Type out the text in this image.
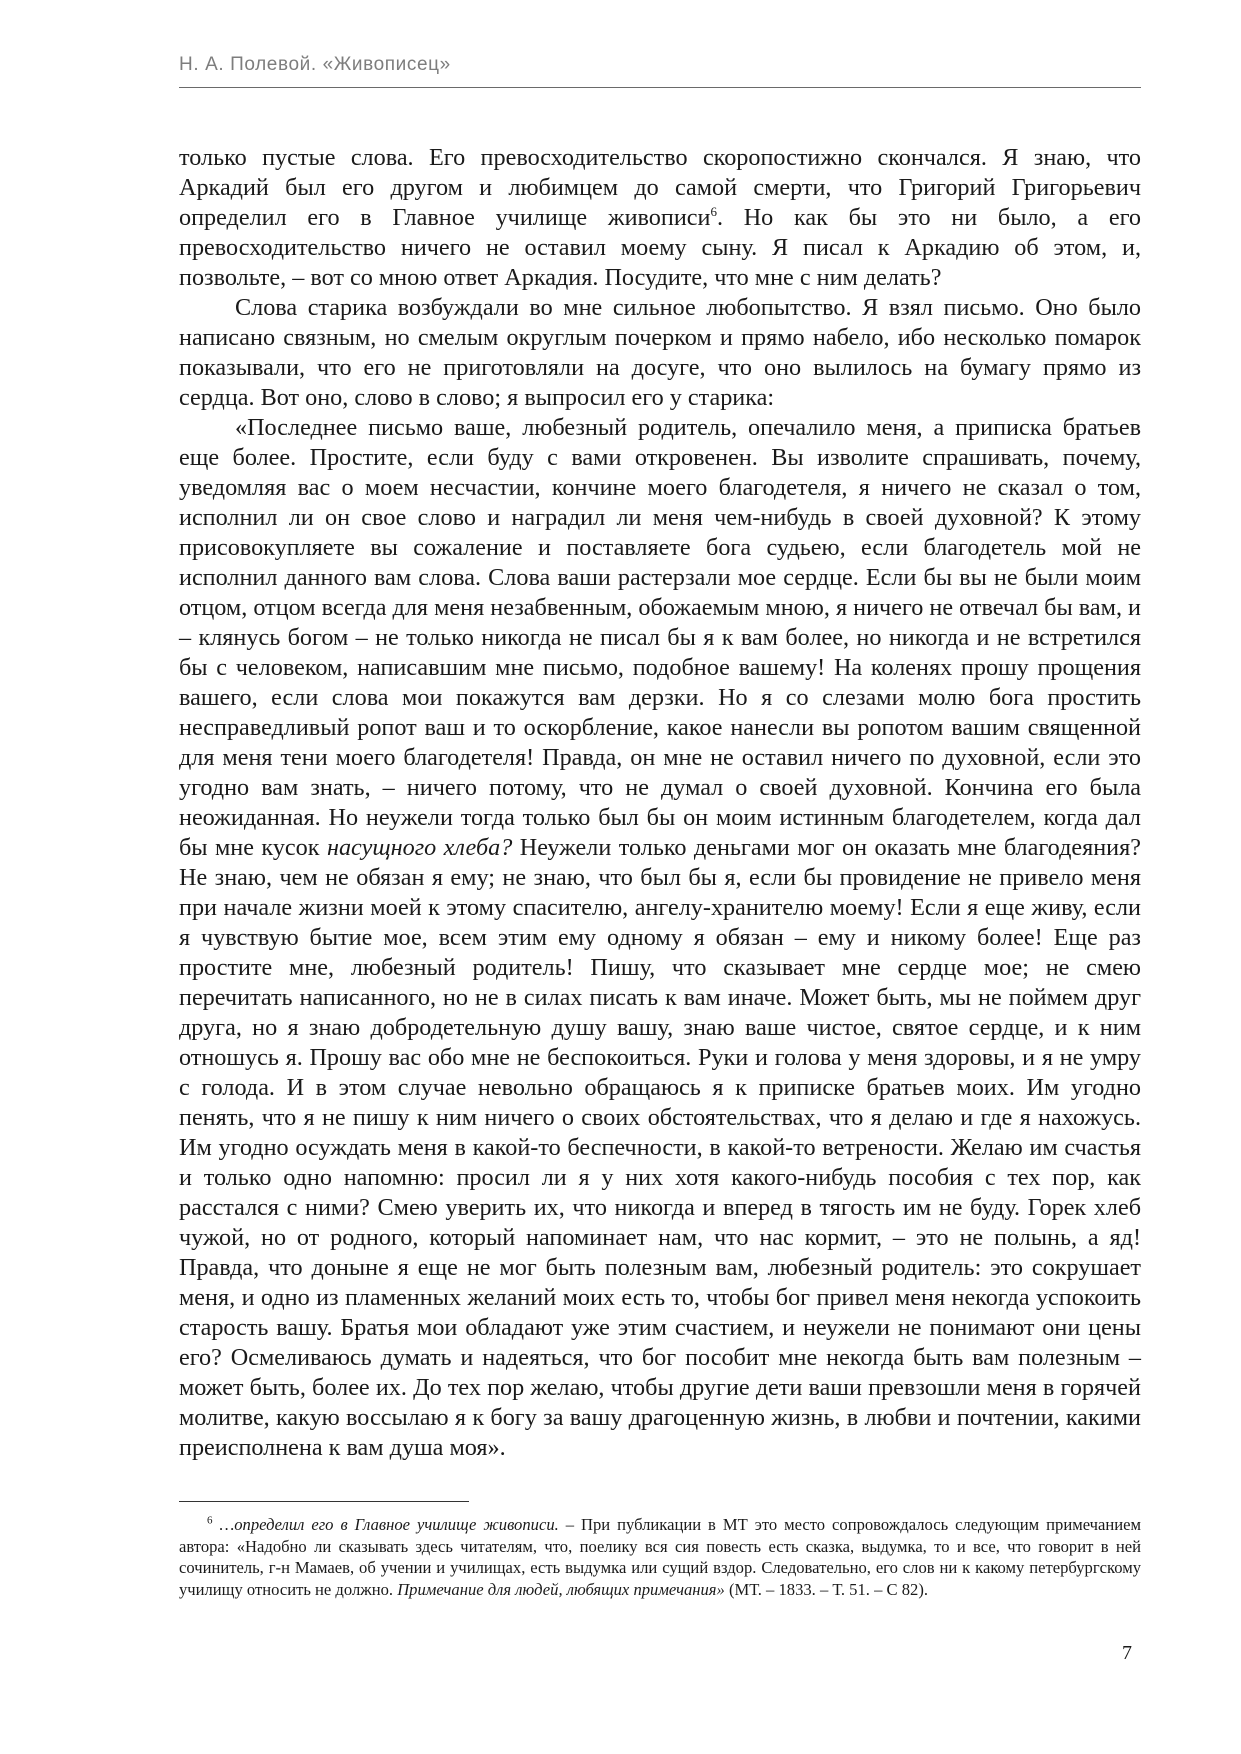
Н. А. Полевой. «Живописец»

только пустые слова. Его превосходительство скоропостижно скончался. Я знаю, что Аркадий был его другом и любимцем до самой смерти, что Григорий Григорьевич определил его в Главное училище живописи$^6$. Но как бы это ни было, а его превосходительство ничего не оставил моему сыну. Я писал к Аркадию об этом, и, позвольте, – вот со мною ответ Аркадия. Посудите, что мне с ним делать?

Слова старика возбуждали во мне сильное любопытство. Я взял письмо. Оно было написано связным, но смелым округлым почерком и прямо набело, ибо несколько помарок показывали, что его не приготовляли на досуге, что оно вылилось на бумагу прямо из сердца. Вот оно, слово в слово; я выпросил его у старика:

«Последнее письмо ваше, любезный родитель, опечалило меня, а приписка братьев еще более. Простите, если буду с вами откровенен. Вы изволите спрашивать, почему, уведомляя вас о моем несчастии, кончине моего благодетеля, я ничего не сказал о том, исполнил ли он свое слово и наградил ли меня чем-нибудь в своей духовной? К этому присовокупляете вы сожаление и поставляете бога судьею, если благодетель мой не исполнил данного вам слова. Слова ваши растерзали мое сердце. Если бы вы не были моим отцом, отцом всегда для меня незабвенным, обожаемым мною, я ничего не отвечал бы вам, и – клянусь богом – не только никогда не писал бы я к вам более, но никогда и не встретился бы с человеком, написавшим мне письмо, подобное вашему! На коленях прошу прощения вашего, если слова мои покажутся вам дерзки. Но я со слезами молю бога простить несправедливый ропот ваш и то оскорбление, какое нанесли вы ропотом вашим священной для меня тени моего благодетеля! Правда, он мне не оставил ничего по духовной, если это угодно вам знать, – ничего потому, что не думал о своей духовной. Кончина его была неожиданная. Но неужели тогда только был бы он моим истинным благодетелем, когда дал бы мне кусок насущного хлеба? Неужели только деньгами мог он оказать мне благодеяния? Не знаю, чем не обязан я ему; не знаю, что был бы я, если бы провидение не привело меня при начале жизни моей к этому спасителю, ангелу-хранителю моему! Если я еще живу, если я чувствую бытие мое, всем этим ему одному я обязан – ему и никому более! Еще раз простите мне, любезный родитель! Пишу, что сказывает мне сердце мое; не смею перечитать написанного, но не в силах писать к вам иначе. Может быть, мы не поймем друг друга, но я знаю добродетельную душу вашу, знаю ваше чистое, святое сердце, и к ним отношусь я. Прошу вас обо мне не беспокоиться. Руки и голова у меня здоровы, и я не умру с голода. И в этом случае невольно обращаюсь я к приписке братьев моих. Им угодно пенять, что я не пишу к ним ничего о своих обстоятельствах, что я делаю и где я нахожусь. Им угодно осуждать меня в какой-то беспечности, в какой-то ветрености. Желаю им счастья и только одно напомню: просил ли я у них хотя какого-нибудь пособия с тех пор, как расстался с ними? Смею уверить их, что никогда и вперед в тягость им не буду. Горек хлеб чужой, но от родного, который напоминает нам, что нас кормит, – это не полынь, а яд! Правда, что доныне я еще не мог быть полезным вам, любезный родитель: это сокрушает меня, и одно из пламенных желаний моих есть то, чтобы бог привел меня некогда успокоить старость вашу. Братья мои обладают уже этим счастием, и неужели не понимают они цены его? Осмеливаюсь думать и надеяться, что бог пособит мне некогда быть вам полезным – может быть, более их. До тех пор желаю, чтобы другие дети ваши превзошли меня в горячей молитве, какую воссылаю я к богу за вашу драгоценную жизнь, в любви и почтении, какими преисполнена к вам душа моя».

$^6$ …определил его в Главное училище живописи. – При публикации в МТ это место сопровождалось следующим примечанием автора: «Надобно ли сказывать здесь читателям, что, поелику вся сия повесть есть сказка, выдумка, то и все, что говорит в ней сочинитель, г-н Мамаев, об учении и училищах, есть выдумка или сущий вздор. Следовательно, его слов ни к какому петербургскому училищу относить не должно. Примечание для людей, любящих примечания» (МТ. – 1833. – Т. 51. – С 82).

7
